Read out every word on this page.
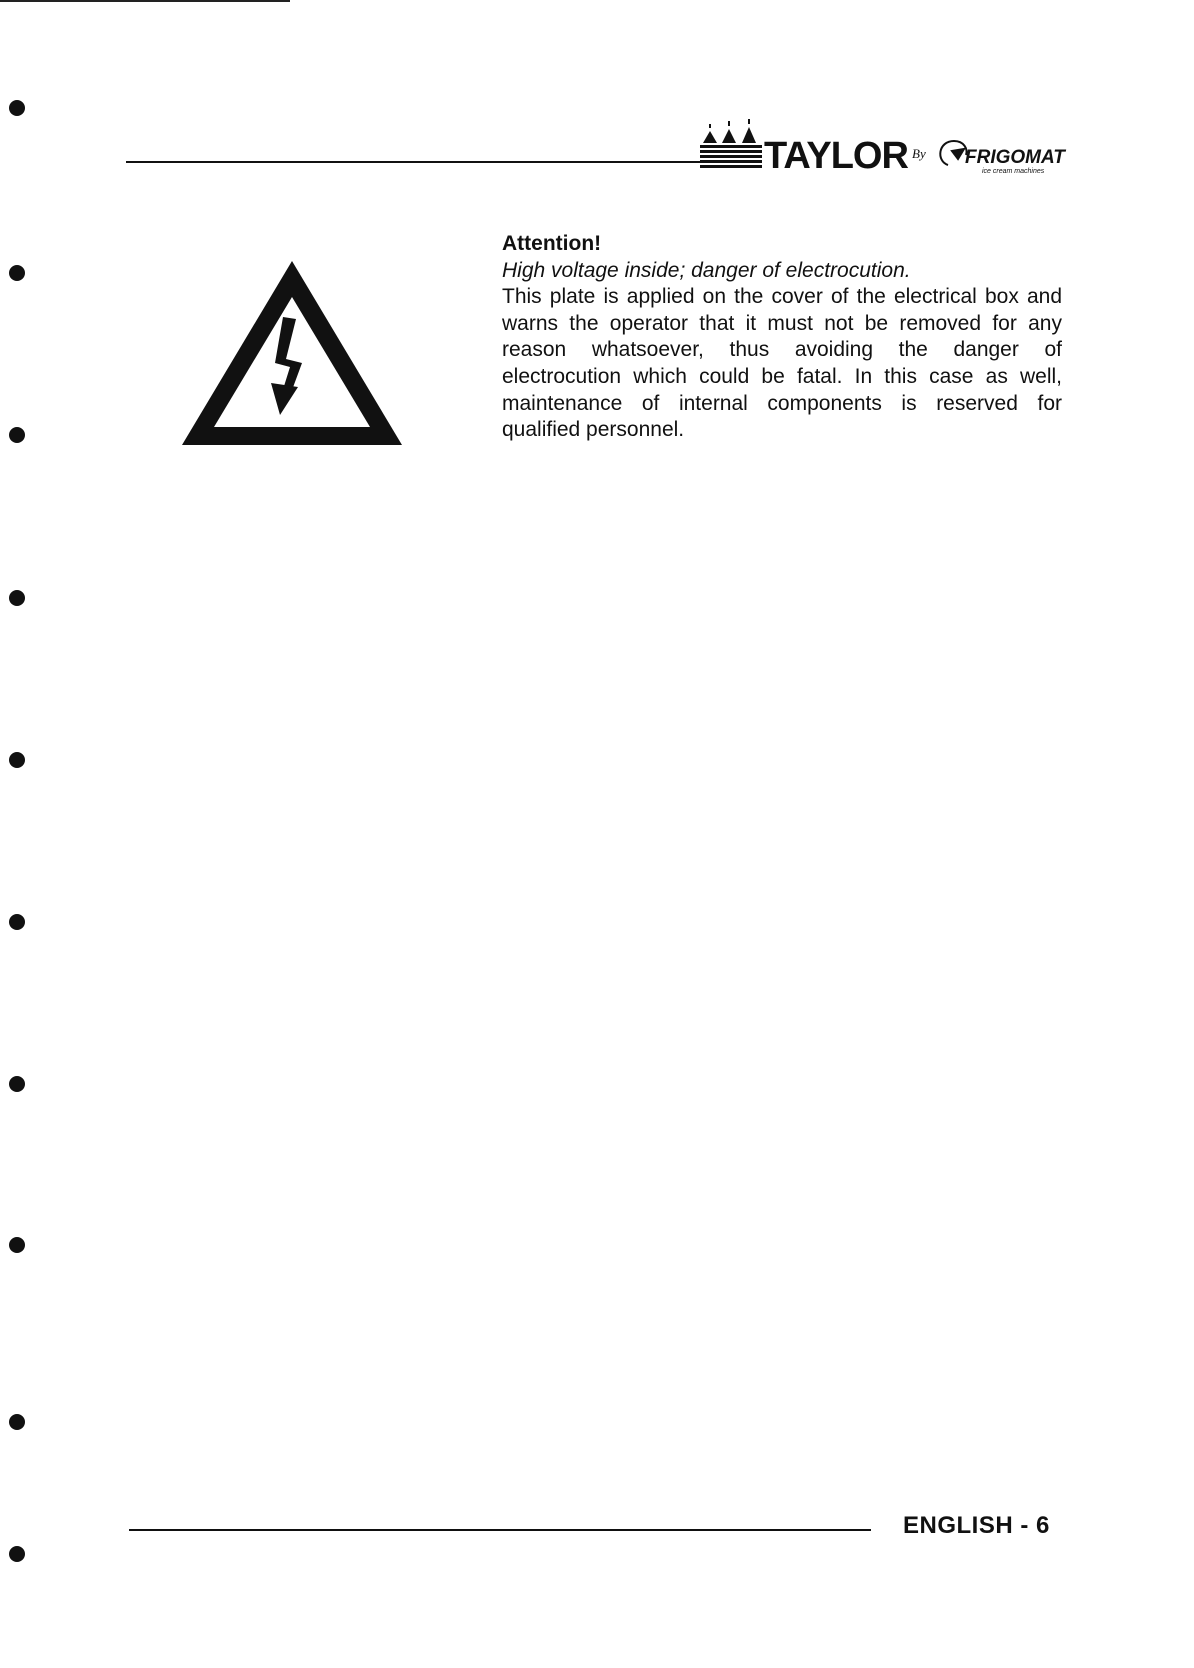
TAYLOR By FRIGOMAT
ice cream machines

Attention!

High voltage inside; danger of electrocution.

This plate is applied on the cover of the electrical box and warns the operator that it must not be removed for any reason whatsoever, thus avoiding the danger of electrocution which could be fatal. In this case as well, maintenance of internal components is reserved for qualified personnel.

ENGLISH - 6
